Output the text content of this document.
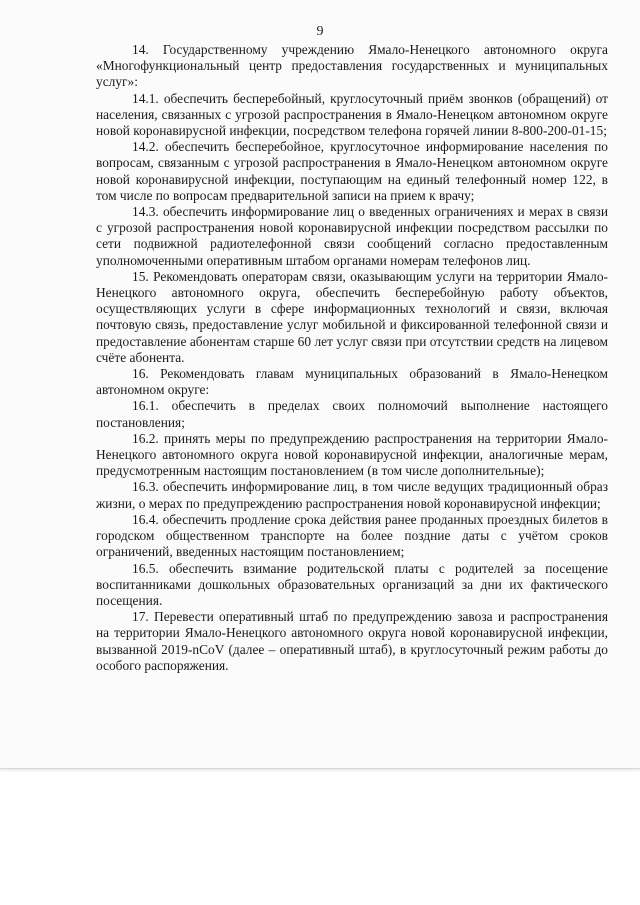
9

14. Государственному учреждению Ямало-Ненецкого автономного округа «Многофункциональный центр предоставления государственных и муниципальных услуг»:

14.1. обеспечить бесперебойный, круглосуточный приём звонков (обращений) от населения, связанных с угрозой распространения в Ямало-Ненецком автономном округе новой коронавирусной инфекции, посредством телефона горячей линии 8-800-200-01-15;

14.2. обеспечить бесперебойное, круглосуточное информирование населения по вопросам, связанным с угрозой распространения в Ямало-Ненецком автономном округе новой коронавирусной инфекции, поступающим на единый телефонный номер 122, в том числе по вопросам предварительной записи на прием к врачу;

14.3. обеспечить информирование лиц о введенных ограничениях и мерах в связи с угрозой распространения новой коронавирусной инфекции посредством рассылки по сети подвижной радиотелефонной связи сообщений согласно предоставленным уполномоченными оперативным штабом органами номерам телефонов лиц.

15. Рекомендовать операторам связи, оказывающим услуги на территории Ямало-Ненецкого автономного округа, обеспечить бесперебойную работу объектов, осуществляющих услуги в сфере информационных технологий и связи, включая почтовую связь, предоставление услуг мобильной и фиксированной телефонной связи и предоставление абонентам старше 60 лет услуг связи при отсутствии средств на лицевом счёте абонента.

16. Рекомендовать главам муниципальных образований в Ямало-Ненецком автономном округе:

16.1. обеспечить в пределах своих полномочий выполнение настоящего постановления;

16.2. принять меры по предупреждению распространения на территории Ямало-Ненецкого автономного округа новой коронавирусной инфекции, аналогичные мерам, предусмотренным настоящим постановлением (в том числе дополнительные);

16.3. обеспечить информирование лиц, в том числе ведущих традиционный образ жизни, о мерах по предупреждению распространения новой коронавирусной инфекции;

16.4. обеспечить продление срока действия ранее проданных проездных билетов в городском общественном транспорте на более поздние даты с учётом сроков ограничений, введенных настоящим постановлением;

16.5. обеспечить взимание родительской платы с родителей за посещение воспитанниками дошкольных образовательных организаций за дни их фактического посещения.

17. Перевести оперативный штаб по предупреждению завоза и распространения на территории Ямало-Ненецкого автономного округа новой коронавирусной инфекции, вызванной 2019-nCoV (далее – оперативный штаб), в круглосуточный режим работы до особого распоряжения.
